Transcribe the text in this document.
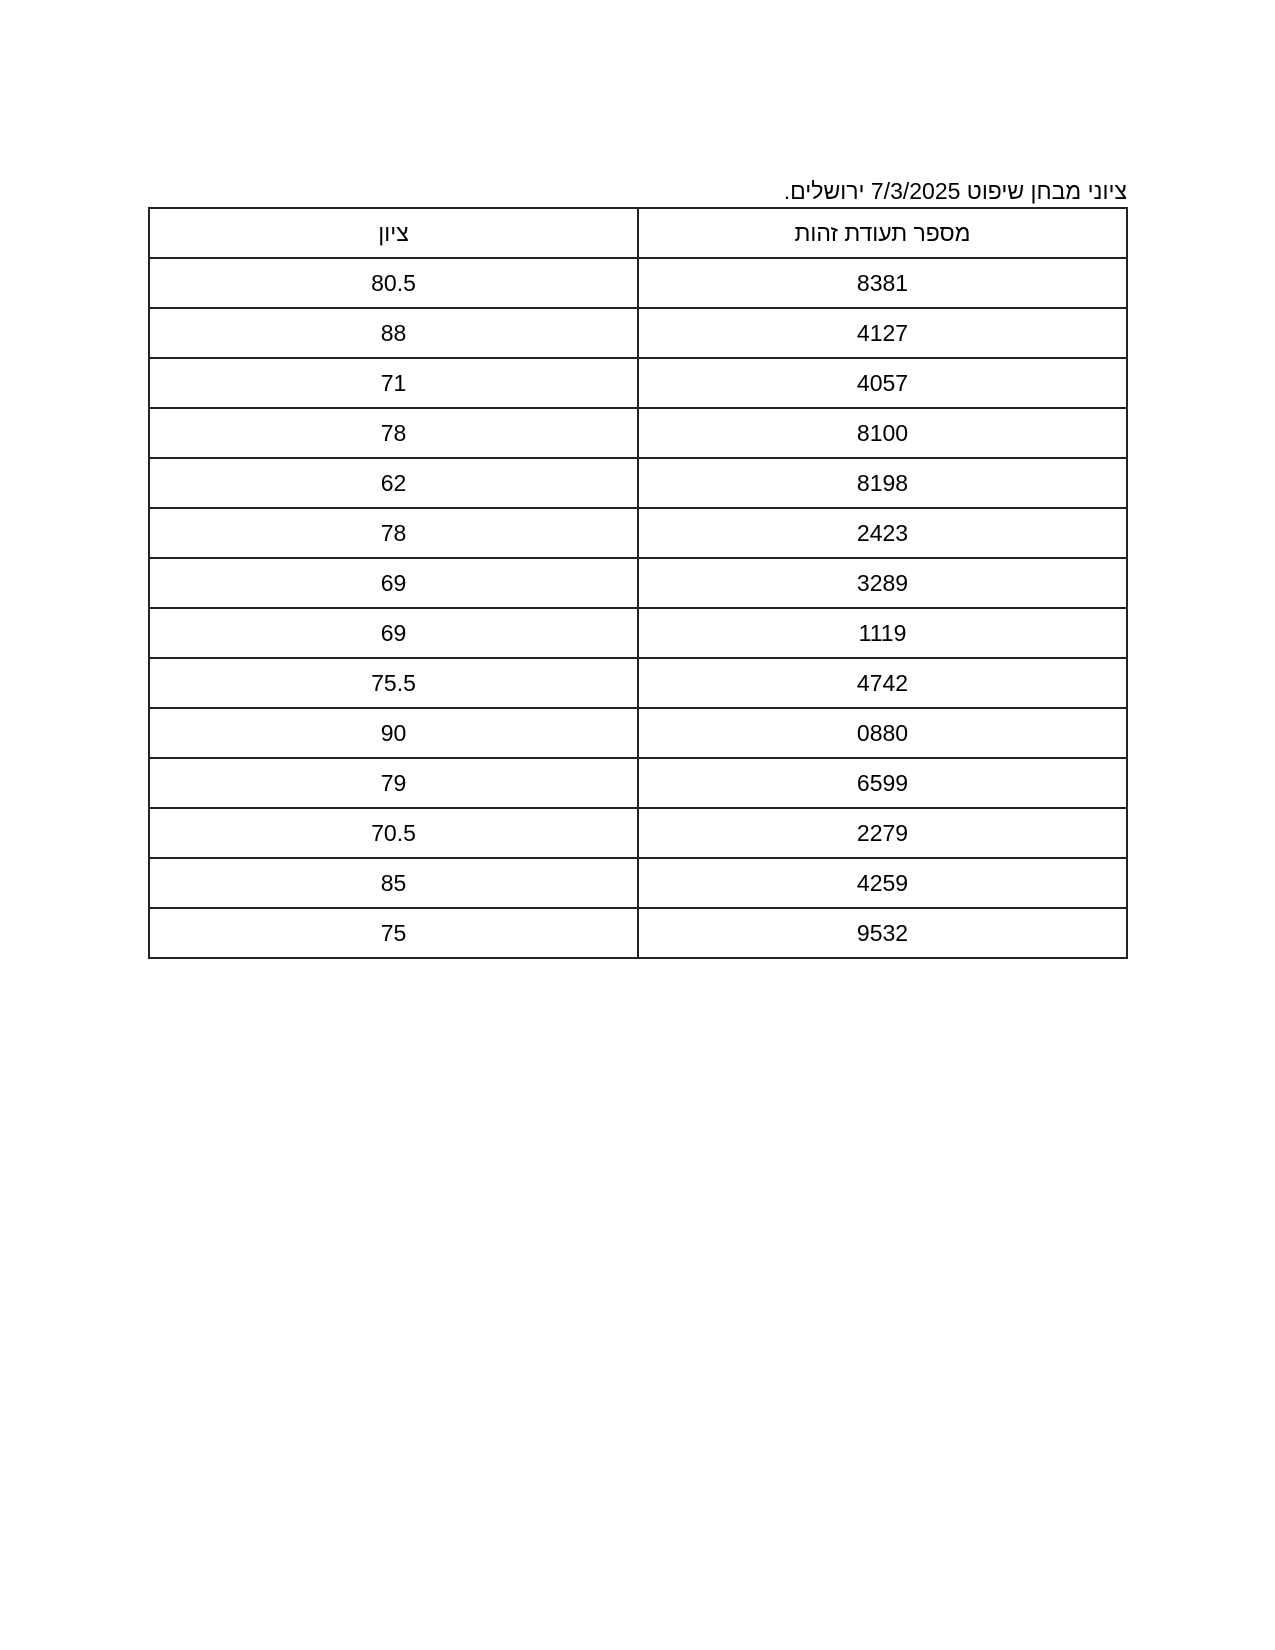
ציוני מבחן שיפוט 7/3/2025 ירושלים.
מספר תעודת זהות	ציון
8381	80.5
4127	88
4057	71
8100	78
8198	62
2423	78
3289	69
1119	69
4742	75.5
0880	90
6599	79
2279	70.5
4259	85
9532	75
